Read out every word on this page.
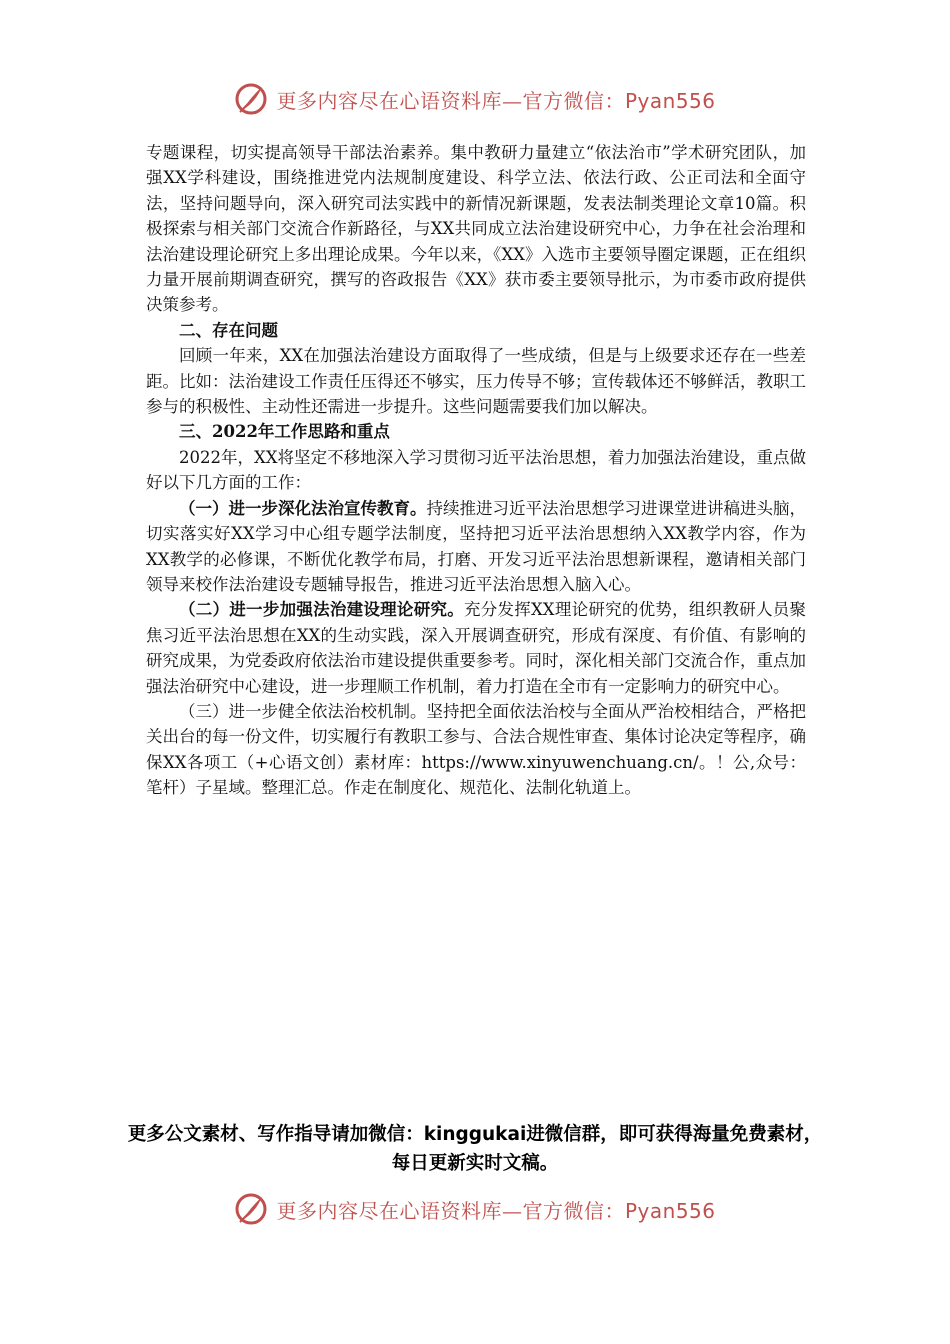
更多内容尽在心语资料库—官方微信：Pyan556

专题课程，切实提高领导干部法治素养。集中教研力量建立“依法治市”学术研究团队，加强XX学科建设，围绕推进党内法规制度建设、科学立法、依法行政、公正司法和全面守法，坚持问题导向，深入研究司法实践中的新情况新课题，发表法制类理论文章10篇。积极探索与相关部门交流合作新路径，与XX共同成立法治建设研究中心，力争在社会治理和法治建设理论研究上多出理论成果。今年以来，《XX》入选市主要领导圈定课题，正在组织力量开展前期调查研究，撰写的咨政报告《XX》获市委主要领导批示，为市委市政府提供决策参考。

二、存在问题

回顾一年来，XX在加强法治建设方面取得了一些成绩，但是与上级要求还存在一些差距。比如：法治建设工作责任压得还不够实，压力传导不够；宣传载体还不够鲜活，教职工参与的积极性、主动性还需进一步提升。这些问题需要我们加以解决。

三、2022年工作思路和重点

2022年，XX将坚定不移地深入学习贯彻习近平法治思想，着力加强法治建设，重点做好以下几方面的工作：

（一）进一步深化法治宣传教育。持续推进习近平法治思想学习进课堂进讲稿进头脑，切实落实好XX学习中心组专题学法制度，坚持把习近平法治思想纳入XX教学内容，作为XX教学的必修课，不断优化教学布局，打磨、开发习近平法治思想新课程，邀请相关部门领导来校作法治建设专题辅导报告，推进习近平法治思想入脑入心。

（二）进一步加强法治建设理论研究。充分发挥XX理论研究的优势，组织教研人员聚焦习近平法治思想在XX的生动实践，深入开展调查研究，形成有深度、有价值、有影响的研究成果，为党委政府依法治市建设提供重要参考。同时，深化相关部门交流合作，重点加强法治研究中心建设，进一步理顺工作机制，着力打造在全市有一定影响力的研究中心。

（三）进一步健全依法治校机制。坚持把全面依法治校与全面从严治校相结合，严格把关出台的每一份文件，切实履行有教职工参与、合法合规性审查、集体讨论决定等程序，确保XX各项工（+心语文创）素材库：https://www.xinyuwenchuang.cn/。！公,众号：笔杆）子星域。整理汇总。作走在制度化、规范化、法制化轨道上。

更多公文素材、写作指导请加微信：kinggukai进微信群，即可获得海量免费素材，每日更新实时文稿。
更多内容尽在心语资料库—官方微信：Pyan556
